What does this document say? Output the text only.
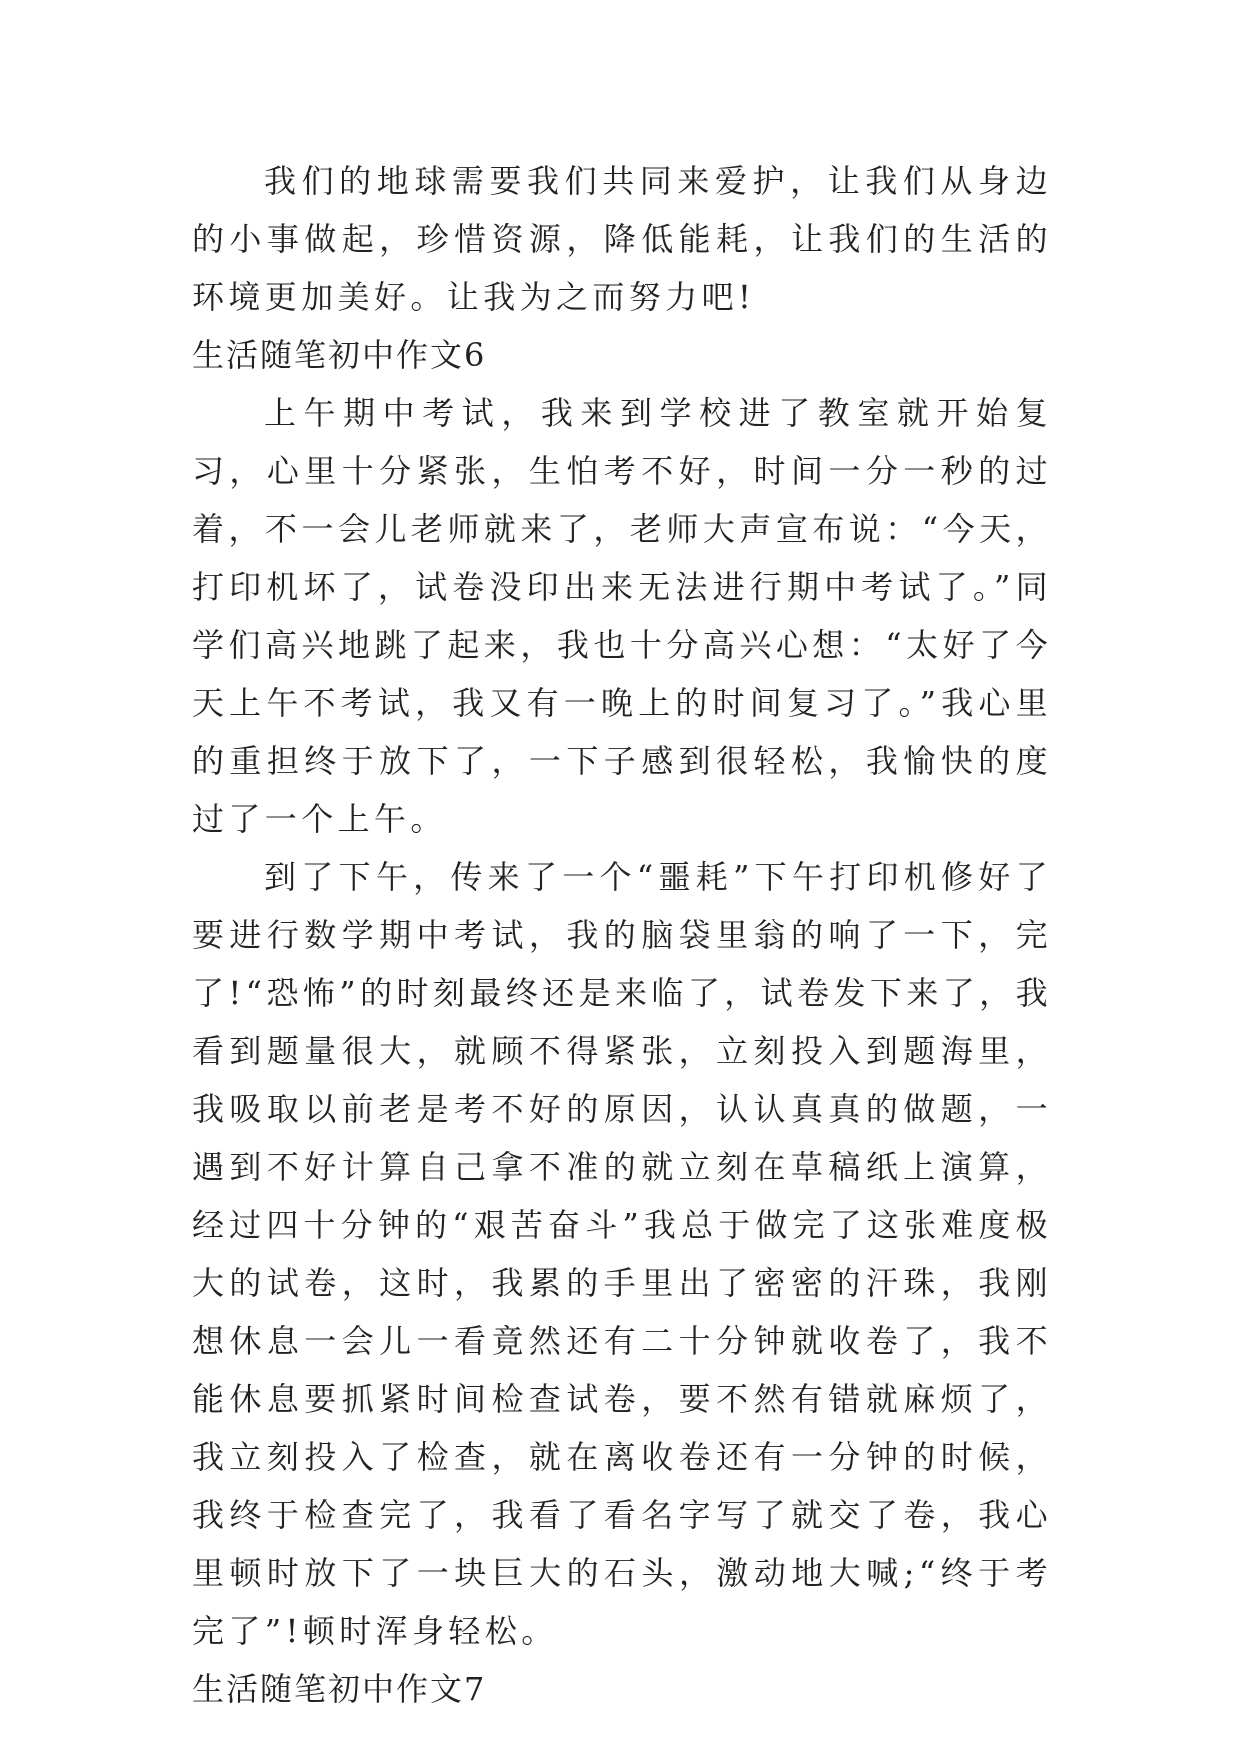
我们的地球需要我们共同来爱护，让我们从身边的小事做起，珍惜资源，降低能耗，让我们的生活的环境更加美好。让我为之而努力吧!

生活随笔初中作文6

上午期中考试，我来到学校进了教室就开始复习，心里十分紧张，生怕考不好，时间一分一秒的过着，不一会儿老师就来了，老师大声宣布说：“今天，打印机坏了，试卷没印出来无法进行期中考试了。”同学们高兴地跳了起来，我也十分高兴心想：“太好了今天上午不考试，我又有一晚上的时间复习了。”我心里的重担终于放下了，一下子感到很轻松，我愉快的度过了一个上午。

到了下午，传来了一个“噩耗”下午打印机修好了要进行数学期中考试，我的脑袋里翁的响了一下，完了!“恐怖”的时刻最终还是来临了，试卷发下来了，我看到题量很大，就顾不得紧张，立刻投入到题海里，我吸取以前老是考不好的原因，认认真真的做题，一遇到不好计算自己拿不准的就立刻在草稿纸上演算，经过四十分钟的“艰苦奋斗”我总于做完了这张难度极大的试卷，这时，我累的手里出了密密的汗珠，我刚想休息一会儿一看竟然还有二十分钟就收卷了，我不能休息要抓紧时间检查试卷，要不然有错就麻烦了，我立刻投入了检查，就在离收卷还有一分钟的时候，我终于检查完了，我看了看名字写了就交了卷，我心里顿时放下了一块巨大的石头，激动地大喊;“终于考完了”!顿时浑身轻松。

生活随笔初中作文7
